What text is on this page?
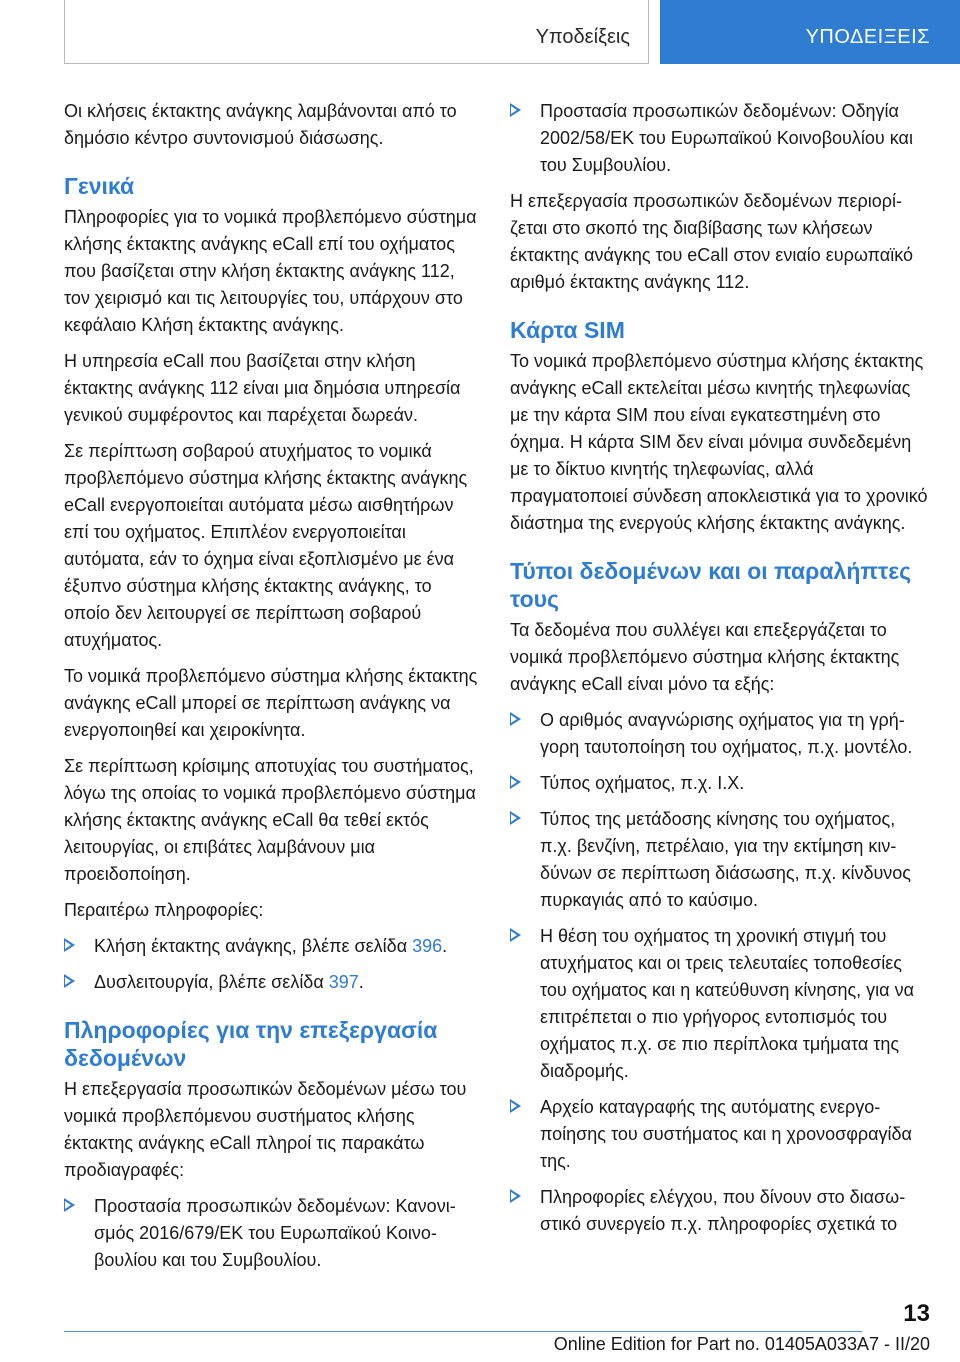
Υποδείξεις	ΥΠΟΔΕΙΞΕΙΣ

Οι κλήσεις έκτακτης ανάγκης λαμβάνονται από το δημόσιο κέντρο συντονισμού διάσωσης.

Γενικά

Πληροφορίες για το νομικά προβλεπόμενο σύστημα κλήσης έκτακτης ανάγκης eCall επί του οχήματος που βασίζεται στην κλήση έκτακτης ανάγκης 112, τον χειρισμό και τις λειτουργίες του, υπάρχουν στο κεφάλαιο Κλήση έκτακτης ανάγκης.

Η υπηρεσία eCall που βασίζεται στην κλήση έκτακτης ανάγκης 112 είναι μια δημόσια υπηρεσία γενικού συμφέροντος και παρέχεται δωρεάν.

Σε περίπτωση σοβαρού ατυχήματος το νομικά προβλεπόμενο σύστημα κλήσης έκτακτης ανάγκης eCall ενεργοποιείται αυτόματα μέσω αισθητήρων επί του οχήματος. Επιπλέον ενεργοποιείται αυτόματα, εάν το όχημα είναι εξοπλισμένο με ένα έξυπνο σύστημα κλήσης έκτακτης ανάγκης, το οποίο δεν λειτουργεί σε περίπτωση σοβαρού ατυχήματος.

Το νομικά προβλεπόμενο σύστημα κλήσης έκτακτης ανάγκης eCall μπορεί σε περίπτωση ανάγκης να ενεργοποιηθεί και χειροκίνητα.

Σε περίπτωση κρίσιμης αποτυχίας του συστήματος, λόγω της οποίας το νομικά προβλεπόμενο σύστημα κλήσης έκτακτης ανάγκης eCall θα τεθεί εκτός λειτουργίας, οι επιβάτες λαμβάνουν μια προειδοποίηση.

Περαιτέρω πληροφορίες:

Κλήση έκτακτης ανάγκης, βλέπε σελίδα 396.
Δυσλειτουργία, βλέπε σελίδα 397.
Πληροφορίες για την επεξεργασία δεδομένων

Η επεξεργασία προσωπικών δεδομένων μέσω του νομικά προβλεπόμενου συστήματος κλήσης έκτακτης ανάγκης eCall πληροί τις παρακάτω προδιαγραφές:

Προστασία προσωπικών δεδομένων: Κανονισμός 2016/679/ΕΚ του Ευρωπαϊκού Κοινοβουλίου και του Συμβουλίου.
Προστασία προσωπικών δεδομένων: Οδηγία 2002/58/ΕΚ του Ευρωπαϊκού Κοινοβουλίου και του Συμβουλίου.

Η επεξεργασία προσωπικών δεδομένων περιορίζεται στο σκοπό της διαβίβασης των κλήσεων έκτακτης ανάγκης του eCall στον ενιαίο ευρωπαϊκό αριθμό έκτακτης ανάγκης 112.

Κάρτα SIM

Το νομικά προβλεπόμενο σύστημα κλήσης έκτακτης ανάγκης eCall εκτελείται μέσω κινητής τηλεφωνίας με την κάρτα SIM που είναι εγκατεστημένη στο όχημα. Η κάρτα SIM δεν είναι μόνιμα συνδεδεμένη με το δίκτυο κινητής τηλεφωνίας, αλλά πραγματοποιεί σύνδεση αποκλειστικά για το χρονικό διάστημα της ενεργούς κλήσης έκτακτης ανάγκης.

Τύποι δεδομένων και οι παραλήπτες τους

Τα δεδομένα που συλλέγει και επεξεργάζεται το νομικά προβλεπόμενο σύστημα κλήσης έκτακτης ανάγκης eCall είναι μόνο τα εξής:

Ο αριθμός αναγνώρισης οχήματος για τη γρήγορη ταυτοποίηση του οχήματος, π.χ. μοντέλο.
Τύπος οχήματος, π.χ. I.X.
Τύπος της μετάδοσης κίνησης του οχήματος, π.χ. βενζίνη, πετρέλαιο, για την εκτίμηση κινδύνων σε περίπτωση διάσωσης, π.χ. κίνδυνος πυρκαγιάς από το καύσιμο.
Η θέση του οχήματος τη χρονική στιγμή του ατυχήματος και οι τρεις τελευταίες τοποθεσίες του οχήματος και η κατεύθυνση κίνησης, για να επιτρέπεται ο πιο γρήγορος εντοπισμός του οχήματος π.χ. σε πιο περίπλοκα τμήματα της διαδρομής.
Αρχείο καταγραφής της αυτόματης ενεργοποίησης του συστήματος και η χρονοσφραγίδα της.
Πληροφορίες ελέγχου, που δίνουν στο διασωστικό συνεργείο π.χ. πληροφορίες σχετικά το
13
Online Edition for Part no. 01405A033A7 - II/20
